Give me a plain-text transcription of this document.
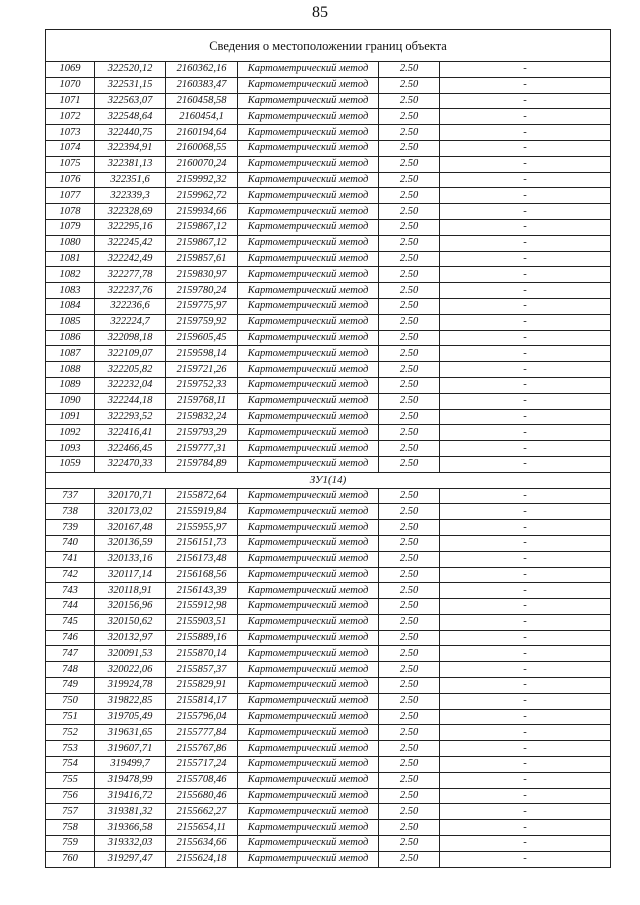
85
Сведения о местоположении границ объекта					
1069	322520,12	2160362,16	Картометрический метод	2.50	-
1070	322531,15	2160383,47	Картометрический метод	2.50	-
1071	322563,07	2160458,58	Картометрический метод	2.50	-
1072	322548,64	2160454,1	Картометрический метод	2.50	-
1073	322440,75	2160194,64	Картометрический метод	2.50	-
1074	322394,91	2160068,55	Картометрический метод	2.50	-
1075	322381,13	2160070,24	Картометрический метод	2.50	-
1076	322351,6	2159992,32	Картометрический метод	2.50	-
1077	322339,3	2159962,72	Картометрический метод	2.50	-
1078	322328,69	2159934,66	Картометрический метод	2.50	-
1079	322295,16	2159867,12	Картометрический метод	2.50	-
1080	322245,42	2159867,12	Картометрический метод	2.50	-
1081	322242,49	2159857,61	Картометрический метод	2.50	-
1082	322277,78	2159830,97	Картометрический метод	2.50	-
1083	322237,76	2159780,24	Картометрический метод	2.50	-
1084	322236,6	2159775,97	Картометрический метод	2.50	-
1085	322224,7	2159759,92	Картометрический метод	2.50	-
1086	322098,18	2159605,45	Картометрический метод	2.50	-
1087	322109,07	2159598,14	Картометрический метод	2.50	-
1088	322205,82	2159721,26	Картометрический метод	2.50	-
1089	322232,04	2159752,33	Картометрический метод	2.50	-
1090	322244,18	2159768,11	Картометрический метод	2.50	-
1091	322293,52	2159832,24	Картометрический метод	2.50	-
1092	322416,41	2159793,29	Картометрический метод	2.50	-
1093	322466,45	2159777,31	Картометрический метод	2.50	-
1059	322470,33	2159784,89	Картометрический метод	2.50	-
ЗУ1(14)					
737	320170,71	2155872,64	Картометрический метод	2.50	-
738	320173,02	2155919,84	Картометрический метод	2.50	-
739	320167,48	2155955,97	Картометрический метод	2.50	-
740	320136,59	2156151,73	Картометрический метод	2.50	-
741	320133,16	2156173,48	Картометрический метод	2.50	-
742	320117,14	2156168,56	Картометрический метод	2.50	-
743	320118,91	2156143,39	Картометрический метод	2.50	-
744	320156,96	2155912,98	Картометрический метод	2.50	-
745	320150,62	2155903,51	Картометрический метод	2.50	-
746	320132,97	2155889,16	Картометрический метод	2.50	-
747	320091,53	2155870,14	Картометрический метод	2.50	-
748	320022,06	2155857,37	Картометрический метод	2.50	-
749	319924,78	2155829,91	Картометрический метод	2.50	-
750	319822,85	2155814,17	Картометрический метод	2.50	-
751	319705,49	2155796,04	Картометрический метод	2.50	-
752	319631,65	2155777,84	Картометрический метод	2.50	-
753	319607,71	2155767,86	Картометрический метод	2.50	-
754	319499,7	2155717,24	Картометрический метод	2.50	-
755	319478,99	2155708,46	Картометрический метод	2.50	-
756	319416,72	2155680,46	Картометрический метод	2.50	-
757	319381,32	2155662,27	Картометрический метод	2.50	-
758	319366,58	2155654,11	Картометрический метод	2.50	-
759	319332,03	2155634,66	Картометрический метод	2.50	-
760	319297,47	2155624,18	Картометрический метод	2.50	-
